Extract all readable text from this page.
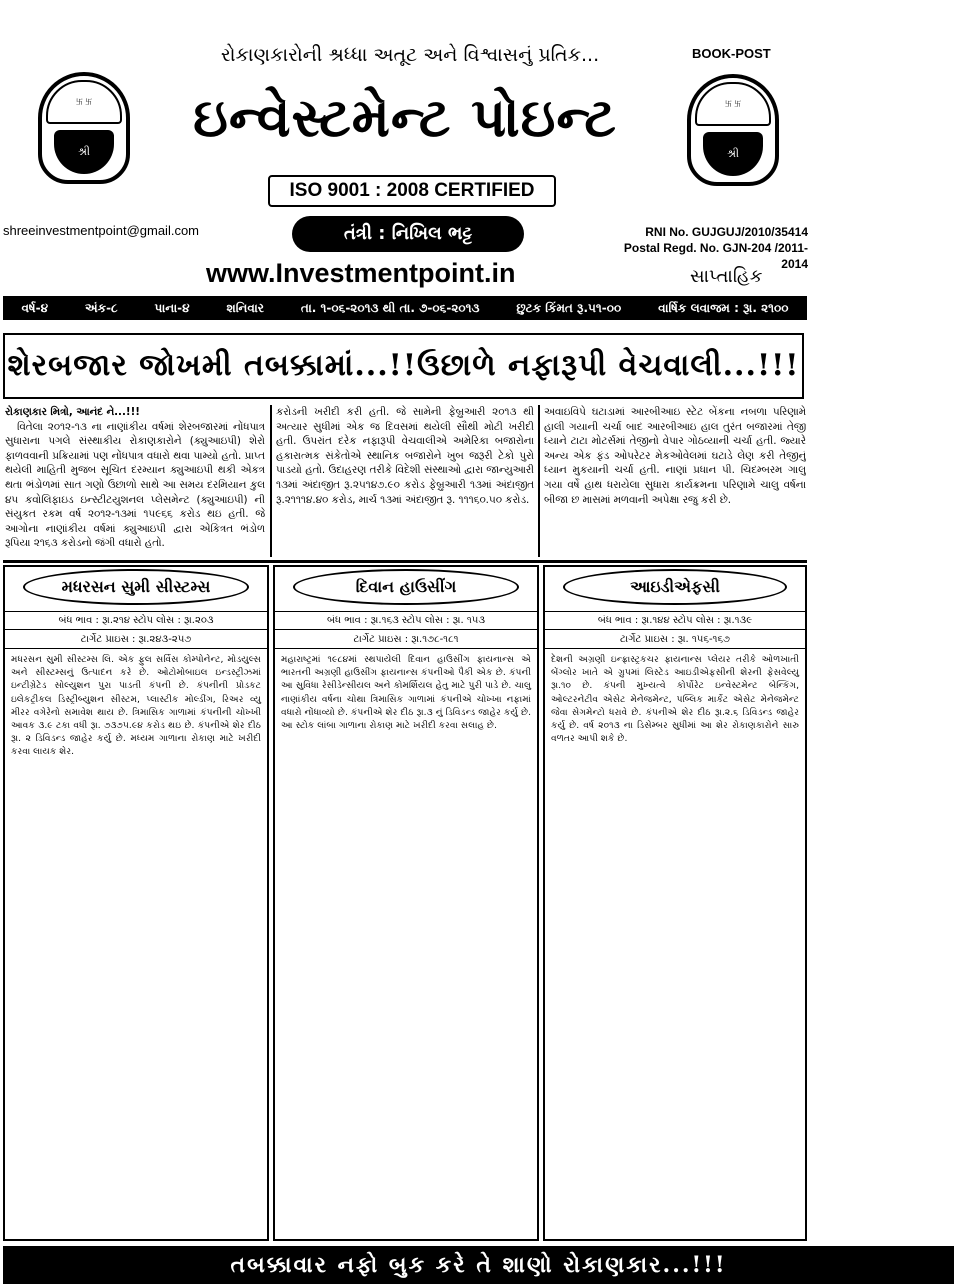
રોકાણકારોની શ્રધ્ધા અતૂટ અને વિશ્વાસનું પ્રતિક...	BOOK-POST
卐 卐
શ્રી
卐 卐
શ્રી
ઇન્વેસ્ટમેન્ટ પોઇન્ટ
ISO 9001 : 2008 CERTIFIED
shreeinvestmentpoint@gmail.com	તંત્રી : નિખિલ ભટ્ટ	RNI No. GUJGUJ/2010/35414
Postal Regd. No. GJN-204 /2011-2014
www.Investmentpoint.in	સાપ્તાહિક
વર્ષ-૪	અંક-૮	પાના-૪	શનિવાર	તા. ૧-૦૬-૨૦૧૩ થી તા. ૭-૦૬-૨૦૧૩	છુટક કિંમત રૂ.૫૧-૦૦	વાર્ષિક લવાજમ : રૂા. ૨૧૦૦
શેરબજાર જોખમી તબક્કામાં...!!ઉછાળે નફારૂપી વેચવાલી...!!!

રોકાણકાર મિત્રો, આનંદ ને...!!!

વિતેલા ૨૦૧૨-૧૩ ના નાણાંકીય વર્ષમાં શેરબજારમાં નોંધપાત્ર સુધારાના પગલે સંસ્થાકીય રોકાણકારોને (ક્યુઆઇપી) શેરો ફાળવવાની પ્રક્રિયામાં પણ નોંધપાત્ર વધારો થવા પામ્યો હતો. પ્રાપ્ત થયેલી માહિતી મુજબ સૂચિત દરમ્યાન ક્યુઆઇપી થકી એકત્ર થતા ભંડોળમાં સાત ગણો ઉછાળો સાથે આ સમય દરમિયાન કુલ ૪૫ કવોલિફાઇડ ઇન્સ્ટીટયુશનલ પ્લેસમેન્ટ (ક્યુઆઇપી) ની સંયુકત રકમ વર્ષ ૨૦૧૨-૧૩માં ૧૫૯૬૬ કરોડ થઇ હતી. જે આગોના નાણાંકીય વર્ષમાં ક્યુઆઇપી દ્વારા એકિત્રત ભંડોળ રૂપિયા ૨૧૬૩ કરોડનો જંગી વધારો હતો.

કરોડની ખરીદી કરી હતી. જે સામેની ફેબ્રુઆરી ૨૦૧૩ થી અત્યાર સુધીમાં એક જ દિવસમાં થયેલી સૌથી મોટી ખરીદી હતી. ઉપરાંત દરેક નફારૂપી વેચવાલીએ અમેરિકા બજારોના હકારાત્મક સંકેતોએ સ્થાનિક બજારોને ખુબ જરૂરી ટેકો પુરો પાડયો હતો. ઉદાહરણ તરીકે વિદેશી સંસ્થાઓ દ્વારા જાન્યુઆરી ૧૩માં અંદાજીત રૂ.૨૫૧૪૭.૯૦ કરોડ ફેબ્રુઆરી ૧૩માં અંદાજીત રૂ.૨૧૧૧૪.૪૦ કરોડ, માર્ચ ૧૩માં અંદાજીત રૂ. ૧૧૧૬૦.૫૦ કરોડ.

અવાઇવિપે ઘટાડામાં આરબીઆઇ સ્ટેટ બેંકના નબળા પરિણામે હાલી ગયાની ચર્ચા બાદ આરબીઆઇ હાલ તુરંત બજારમાં તેજી ધ્યાને ટાટા મોટર્સમાં તેજીનો વેપાર ગોઠવ્યાની ચર્ચા હતી. જ્યારે અન્ય એક ફંડ ઓપરેટર મેકઓવેલમાં ઘટાડે લેણ કરી તેજીનું ધ્યાન મુકયાની ચર્ચા હતી. નાણાં પ્રધાન પી. ચિદમ્બરમ ગાલુ ગયા વર્ષે હાથ ધરાયેલા સુધારા કાર્યક્રમના પરિણામે ચાલુ વર્ષના બીજા છ માસમાં મળવાની અપેક્ષા રજુ કરી છે.

મધરસન સુમી સીસ્ટમ્સ
બંધ ભાવ : રૂા.૨૧૪ સ્ટોપ લોસ : રૂા.૨૦૩
ટાર્ગેટ પ્રાઇસ : રૂા.૨૪૩-૨૫૭
મધરસન સુમી સીસ્ટમ્સ લિ. એક ફુલ સર્વિસ કોમ્પોનેન્ટ, મોડયુલ્સ અને સીસ્ટમ્સનું ઉત્પાદન કરે છે. ઓટોમોબાઇલ ઇન્ડસ્ટ્રીઝમાં ઇન્ટીગ્રેટેડ સોલ્યુશન પુરા પાડતી કંપની છે. કંપનીની પ્રોડકટ ઇલેકટ્રીકલ ડિસ્ટ્રીબ્યુશન સીસ્ટમ, પ્લાસ્ટીક મોલ્ડીંગ, રિઅર વ્યુ મીરર વગેરેનો સમાવેશ થાય છે. ત્રિમાસિક ગાળામાં કંપનીની ચોખ્ખી આવક ૩.૯ ટકા વધી રૂા. ૭૩૭૫.૯૪ કરોડ થઇ છે. કંપનીએ શેર દીઠ રૂા. ૨ ડિવિડન્ડ જાહેર કર્યુ છે. મધ્યમ ગાળાના રોકાણ માટે ખરીદી કરવા લાયક શેર.
દિવાન હાઉસીંગ
બંધ ભાવ : રૂા.૧૬૩ સ્ટોપ લોસ : રૂા. ૧૫૩
ટાર્ગેટ પ્રાઇસ : રૂા.૧૭૮-૧૮૧
મહારાષ્ટ્રમાં ૧૯૮૪માં સ્થપાયેલી દિવાન હાઉસીંગ ફાયનાન્સ એ ભારતની અગ્રણી હાઉસીંગ ફાયનાન્સ કંપનીઓ પૈકી એક છે. કંપની આ સુવિધા રેસીડેન્સીયલ અને કોમર્શિયલ હેતુ માટે પુરી પાડે છે. ચાલુ નાણાંકીય વર્ષના ચોથા ત્રિમાસિક ગાળામાં કંપનીએ ચોખ્ખા નફામાં વધારો નોંધાવ્યો છે. કંપનીએ શેર દીઠ રૂા.૩ નું ડિવિડન્ડ જાહેર કર્યુ છે. આ સ્ટોક લાંબા ગાળાના રોકાણ માટે ખરીદી કરવા સલાહ છે.
આઇડીએફસી
બંધ ભાવ : રૂા.૧૪૪ સ્ટોપ લોસ : રૂા.૧૩૯
ટાર્ગેટ પ્રાઇસ : રૂા. ૧૫૬-૧૬૭
દેશની અગ્રણી ઇન્ફ્રાસ્ટ્રકચર ફાયનાન્સ પ્લેયર તરીકે ઓળખાતી બેંગ્લોર ખાતે એ ગ્રુપમાં લિસ્ટેડ આઇડીએફસીની શેરની ફેસવેલ્યુ રૂા.૧૦ છે. કંપની મુખ્યત્વે કોર્પોરેટ ઇન્વેસ્ટમેન્ટ બેન્કિંગ, ઓલ્ટરનેટીવ એસેટ મેનેજમેન્ટ, પબ્લિક માર્કેટ એસેટ મેનેજમેન્ટ જેવા સેગમેન્ટો ધરાવે છે. કંપનીએ શેર દીઠ રૂા.૨.૬ ડિવિડન્ડ જાહેર કર્યુ છે. વર્ષ ૨૦૧૩ ના ડિસેમ્બર સુધીમાં આ શેર રોકાણકારોને સારુ વળતર આપી શકે છે.
તબક્કાવાર નફો બુક કરે તે શાણો રોકાણકાર...!!!
